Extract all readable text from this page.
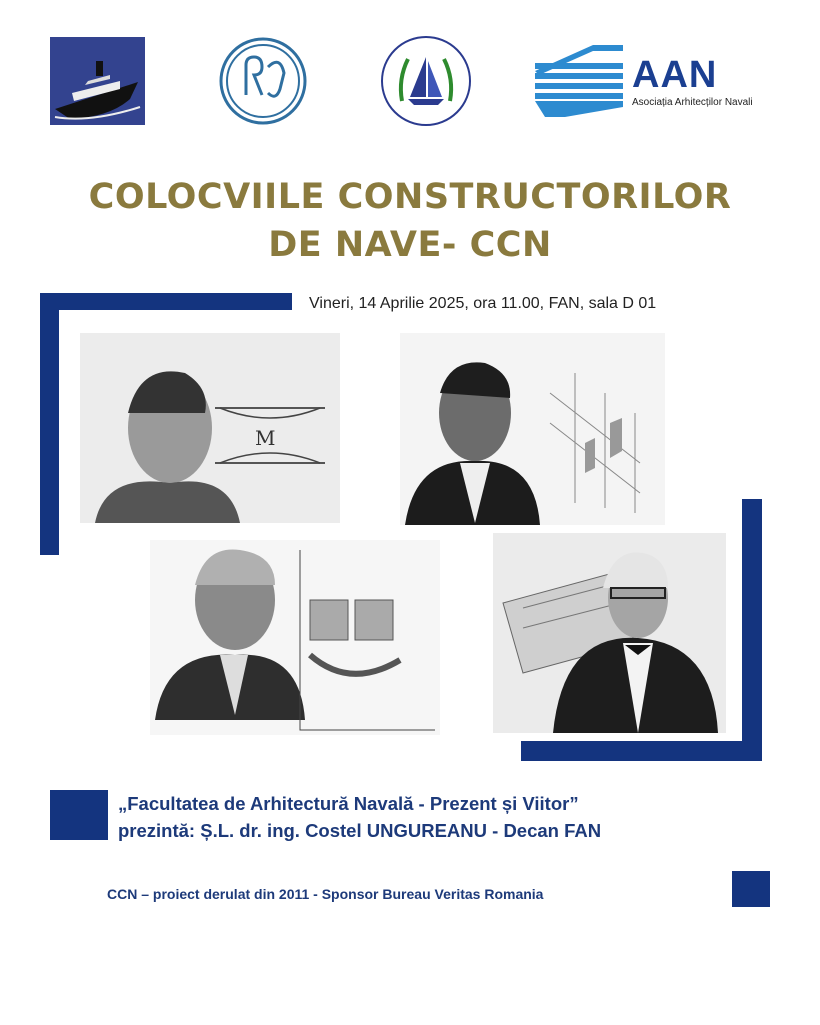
AAN
Asociația Arhitecților Navali
COLOCVIILE CONSTRUCTORILOR
DE NAVE- CCN
Vineri, 14 Aprilie 2025, ora 11.00, FAN, sala D 01
M
„Facultatea de Arhitectură Navală - Prezent și Viitor”
prezintă: Ș.L. dr. ing. Costel UNGUREANU - Decan FAN
CCN – proiect derulat din 2011 - Sponsor Bureau Veritas Romania
